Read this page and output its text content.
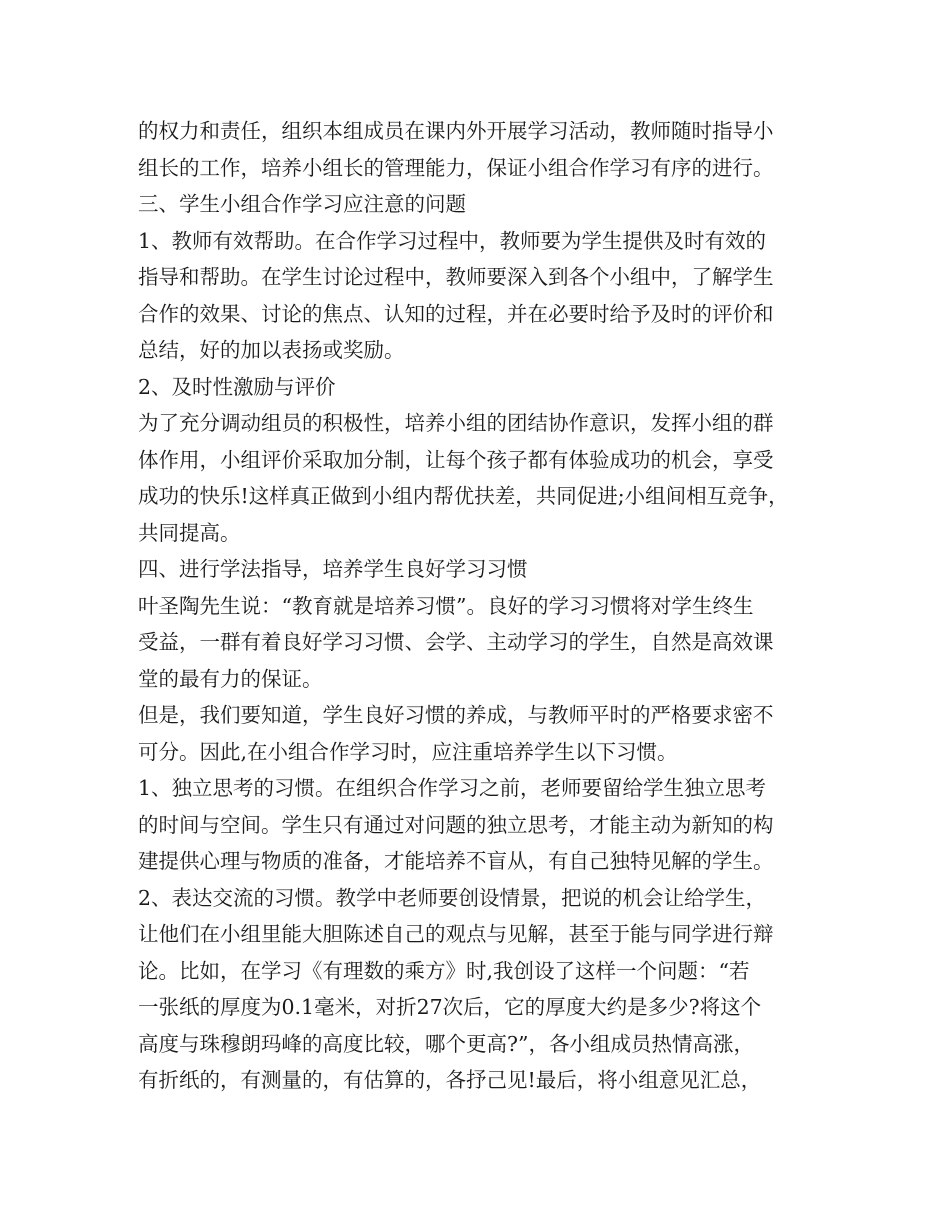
的权力和责任，组织本组成员在课内外开展学习活动，教师随时指导小
组长的工作，培养小组长的管理能力，保证小组合作学习有序的进行。
三、学生小组合作学习应注意的问题
1、教师有效帮助。在合作学习过程中，教师要为学生提供及时有效的
指导和帮助。在学生讨论过程中，教师要深入到各个小组中，了解学生
合作的效果、讨论的焦点、认知的过程，并在必要时给予及时的评价和
总结，好的加以表扬或奖励。
2、及时性激励与评价
为了充分调动组员的积极性，培养小组的团结协作意识，发挥小组的群
体作用，小组评价采取加分制，让每个孩子都有体验成功的机会，享受
成功的快乐!这样真正做到小组内帮优扶差，共同促进;小组间相互竞争，
共同提高。
四、进行学法指导，培养学生良好学习习惯
叶圣陶先生说：“教育就是培养习惯”。良好的学习习惯将对学生终生
受益，一群有着良好学习习惯、会学、主动学习的学生，自然是高效课
堂的最有力的保证。
但是，我们要知道，学生良好习惯的养成，与教师平时的严格要求密不
可分。因此,在小组合作学习时，应注重培养学生以下习惯。
1、独立思考的习惯。在组织合作学习之前，老师要留给学生独立思考
的时间与空间。学生只有通过对问题的独立思考，才能主动为新知的构
建提供心理与物质的准备，才能培养不盲从，有自己独特见解的学生。
2、表达交流的习惯。教学中老师要创设情景，把说的机会让给学生，
让他们在小组里能大胆陈述自己的观点与见解，甚至于能与同学进行辩
论。比如，在学习《有理数的乘方》时,我创设了这样一个问题：“若
一张纸的厚度为0.1毫米，对折27次后，它的厚度大约是多少?将这个
高度与珠穆朗玛峰的高度比较，哪个更高?”，各小组成员热情高涨，
有折纸的，有测量的，有估算的，各抒己见!最后，将小组意见汇总，
